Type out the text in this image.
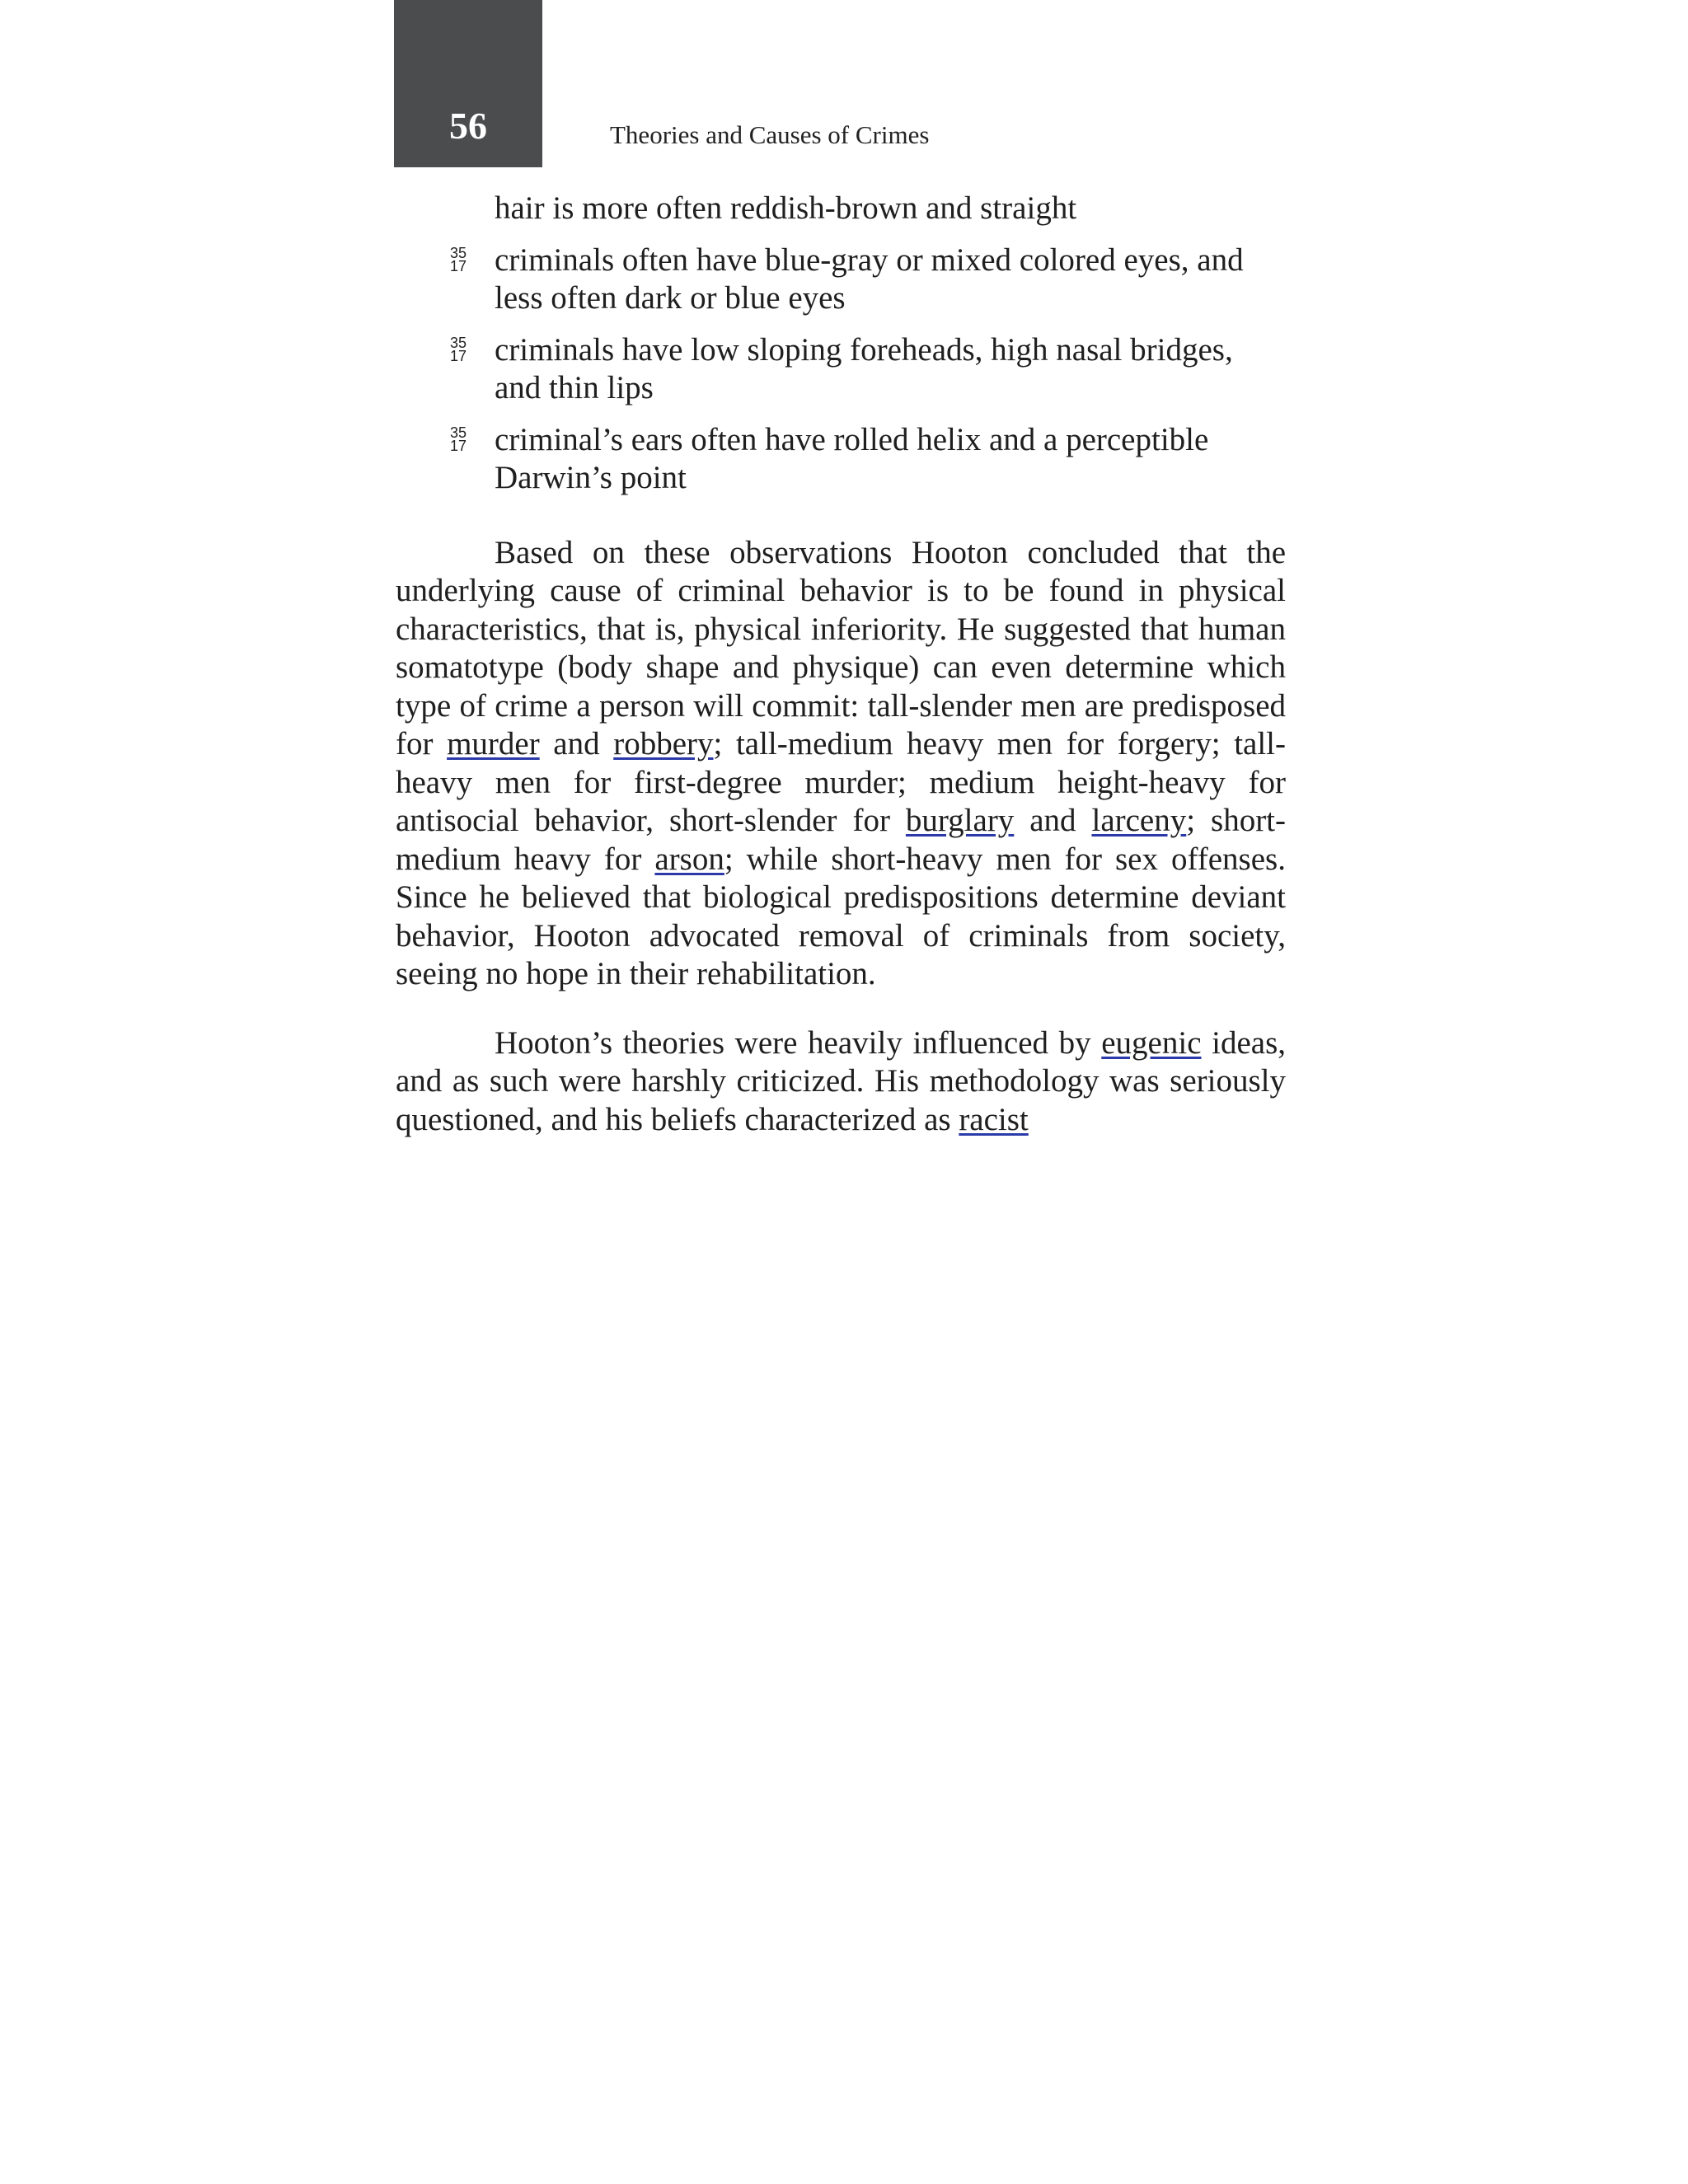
56	Theories and Causes of Crimes
hair is more often reddish-brown and straight
35
17 criminals often have blue-gray or mixed colored eyes, and less often dark or blue eyes
35
17 criminals have low sloping foreheads, high nasal bridges, and thin lips
35
17 criminal’s ears often have rolled helix and a perceptible Darwin’s point

Based on these observations Hooton concluded that the underlying cause of criminal behavior is to be found in physical characteristics, that is, physical inferiority. He suggested that human somatotype (body shape and physique) can even determine which type of crime a person will commit: tall-slender men are predisposed for murder and robbery; tall-medium heavy men for forgery; tall- heavy men for first-degree murder; medium height-heavy for antisocial behavior, short-slender for burglary and larceny; short- medium heavy for arson; while short-heavy men for sex offenses. Since he believed that biological predispositions determine deviant behavior, Hooton advocated removal of criminals from society, seeing no hope in their rehabilitation.

Hooton’s theories were heavily influenced by eugenic ideas, and as such were harshly criticized. His methodology was seriously questioned, and his beliefs characterized as racist
